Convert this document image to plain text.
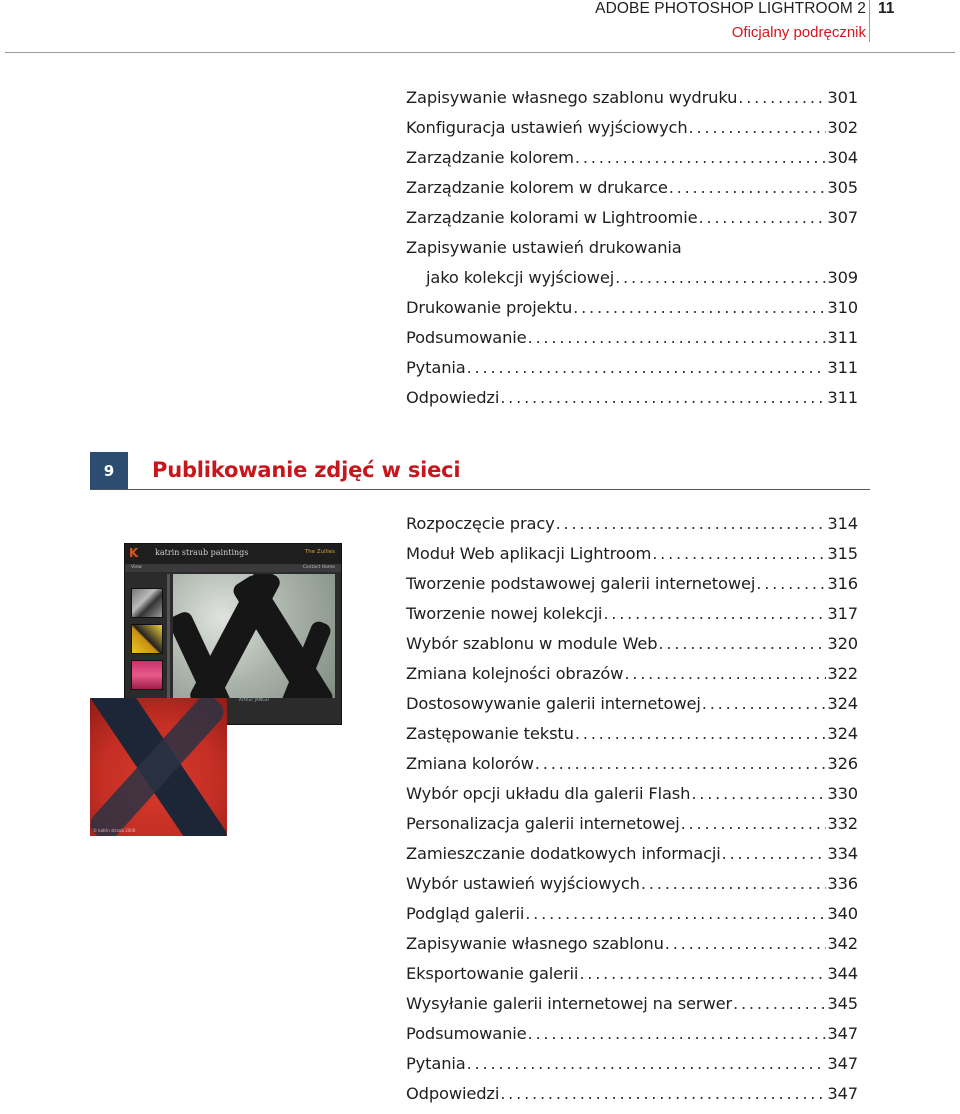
ADOBE PHOTOSHOP LIGHTROOM 2
Oficjalny podręcznik
11
Zapisywanie własnego szablonu wydruku . . .	301
Konfiguracja ustawień wyjściowych . . .	302
Zarządzanie kolorem . . .	304
Zarządzanie kolorem w drukarce . . .	305
Zarządzanie kolorami w Lightroomie . . .	307
Zapisywanie ustawień drukowania
jako kolekcji wyjściowej . . .	309
Drukowanie projektu . . .	310
Podsumowanie . . .	311
Pytania . . .	311
Odpowiedzi . . .	311
9	Publikowanie zdjęć w sieci
K	katrin straub paintings	The Zullies
View	Contact Home
Arthur JANGU
© katrin straub 2008
Rozpoczęcie pracy . . .	314
Moduł Web aplikacji Lightroom . . .	315
Tworzenie podstawowej galerii internetowej . . .	316
Tworzenie nowej kolekcji . . .	317
Wybór szablonu w module Web . . .	320
Zmiana kolejności obrazów . . .	322
Dostosowywanie galerii internetowej . . .	324
Zastępowanie tekstu . . .	324
Zmiana kolorów . . .	326
Wybór opcji układu dla galerii Flash . . .	330
Personalizacja galerii internetowej . . .	332
Zamieszczanie dodatkowych informacji . . .	334
Wybór ustawień wyjściowych . . .	336
Podgląd galerii . . .	340
Zapisywanie własnego szablonu . . .	342
Eksportowanie galerii . . .	344
Wysyłanie galerii internetowej na serwer . . .	345
Podsumowanie . . .	347
Pytania . . .	347
Odpowiedzi . . .	347
